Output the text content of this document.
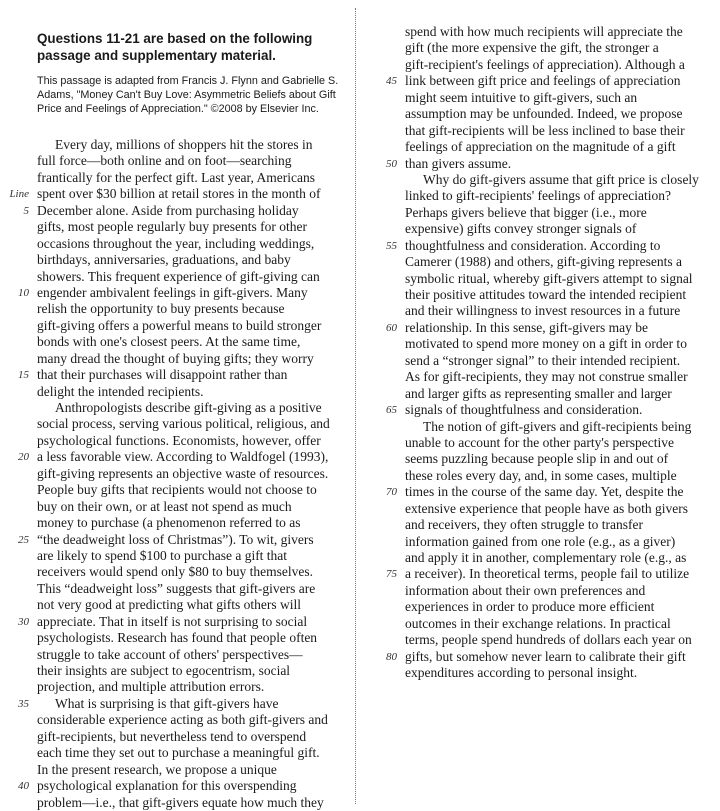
Questions 11-21 are based on the following passage and supplementary material.

This passage is adapted from Francis J. Flynn and Gabrielle S. Adams, "Money Can't Buy Love: Asymmetric Beliefs about Gift Price and Feelings of Appreciation." ©2008 by Elsevier Inc.

Every day, millions of shoppers hit the stores in
full force—both online and on foot—searching
frantically for the perfect gift. Last year, Americans
Line spent over $30 billion at retail stores in the month of
5 December alone. Aside from purchasing holiday
gifts, most people regularly buy presents for other
occasions throughout the year, including weddings,
birthdays, anniversaries, graduations, and baby
showers. This frequent experience of gift-giving can
10 engender ambivalent feelings in gift-givers. Many
relish the opportunity to buy presents because
gift-giving offers a powerful means to build stronger
bonds with one's closest peers. At the same time,
many dread the thought of buying gifts; they worry
15 that their purchases will disappoint rather than
delight the intended recipients.
Anthropologists describe gift-giving as a positive
social process, serving various political, religious, and
psychological functions. Economists, however, offer
20 a less favorable view. According to Waldfogel (1993),
gift-giving represents an objective waste of resources.
People buy gifts that recipients would not choose to
buy on their own, or at least not spend as much
money to purchase (a phenomenon referred to as
25 “the deadweight loss of Christmas”). To wit, givers
are likely to spend $100 to purchase a gift that
receivers would spend only $80 to buy themselves.
This “deadweight loss” suggests that gift-givers are
not very good at predicting what gifts others will
30 appreciate. That in itself is not surprising to social
psychologists. Research has found that people often
struggle to take account of others' perspectives—
their insights are subject to egocentrism, social
projection, and multiple attribution errors.
35 What is surprising is that gift-givers have
considerable experience acting as both gift-givers and
gift-recipients, but nevertheless tend to overspend
each time they set out to purchase a meaningful gift.
In the present research, we propose a unique
40 psychological explanation for this overspending
problem—i.e., that gift-givers equate how much they
spend with how much recipients will appreciate the
gift (the more expensive the gift, the stronger a
gift-recipient's feelings of appreciation). Although a
45 link between gift price and feelings of appreciation
might seem intuitive to gift-givers, such an
assumption may be unfounded. Indeed, we propose
that gift-recipients will be less inclined to base their
feelings of appreciation on the magnitude of a gift
50 than givers assume.
Why do gift-givers assume that gift price is closely
linked to gift-recipients' feelings of appreciation?
Perhaps givers believe that bigger (i.e., more
expensive) gifts convey stronger signals of
55 thoughtfulness and consideration. According to
Camerer (1988) and others, gift-giving represents a
symbolic ritual, whereby gift-givers attempt to signal
their positive attitudes toward the intended recipient
and their willingness to invest resources in a future
60 relationship. In this sense, gift-givers may be
motivated to spend more money on a gift in order to
send a “stronger signal” to their intended recipient.
As for gift-recipients, they may not construe smaller
and larger gifts as representing smaller and larger
65 signals of thoughtfulness and consideration.
The notion of gift-givers and gift-recipients being
unable to account for the other party's perspective
seems puzzling because people slip in and out of
these roles every day, and, in some cases, multiple
70 times in the course of the same day. Yet, despite the
extensive experience that people have as both givers
and receivers, they often struggle to transfer
information gained from one role (e.g., as a giver)
and apply it in another, complementary role (e.g., as
75 a receiver). In theoretical terms, people fail to utilize
information about their own preferences and
experiences in order to produce more efficient
outcomes in their exchange relations. In practical
terms, people spend hundreds of dollars each year on
80 gifts, but somehow never learn to calibrate their gift
expenditures according to personal insight.
